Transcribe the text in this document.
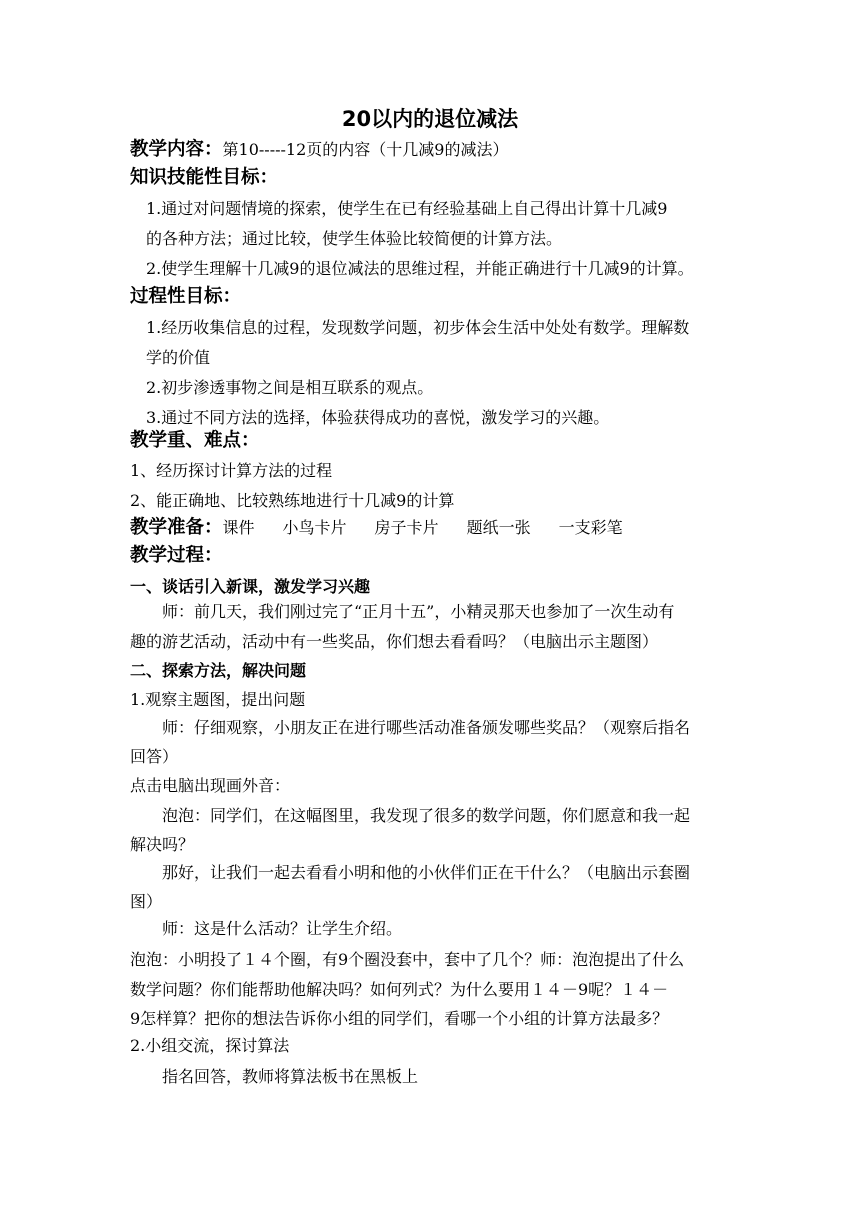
20以内的退位减法
教学内容：第10-----12页的内容（十几减9的减法）
知识技能性目标：
1.通过对问题情境的探索，使学生在已有经验基础上自己得出计算十几减9
的各种方法；通过比较，使学生体验比较简便的计算方法。
2.使学生理解十几减9的退位减法的思维过程，并能正确进行十几减9的计算。
过程性目标：
1.经历收集信息的过程，发现数学问题，初步体会生活中处处有数学。理解数
学的价值
2.初步渗透事物之间是相互联系的观点。
3.通过不同方法的选择，体验获得成功的喜悦，激发学习的兴趣。
教学重、难点：
1、经历探讨计算方法的过程
2、能正确地、比较熟练地进行十几减9的计算
教学准备：课件 小鸟卡片 房子卡片 题纸一张 一支彩笔
教学过程：
一、谈话引入新课，激发学习兴趣
师：前几天，我们刚过完了“正月十五”，小精灵那天也参加了一次生动有
趣的游艺活动，活动中有一些奖品，你们想去看看吗？（电脑出示主题图）
二、探索方法，解决问题
1.观察主题图，提出问题
师：仔细观察，小朋友正在进行哪些活动准备颁发哪些奖品？（观察后指名
回答）
点击电脑出现画外音：
泡泡：同学们，在这幅图里，我发现了很多的数学问题，你们愿意和我一起
解决吗？
那好，让我们一起去看看小明和他的小伙伴们正在干什么？（电脑出示套圈
图）
师：这是什么活动？让学生介绍。
泡泡：小明投了１４个圈，有9个圈没套中，套中了几个？师：泡泡提出了什么
数学问题？你们能帮助他解决吗？如何列式？为什么要用１４－9呢？１４－
9怎样算？把你的想法告诉你小组的同学们，看哪一个小组的计算方法最多？
2.小组交流，探讨算法
指名回答，教师将算法板书在黑板上
